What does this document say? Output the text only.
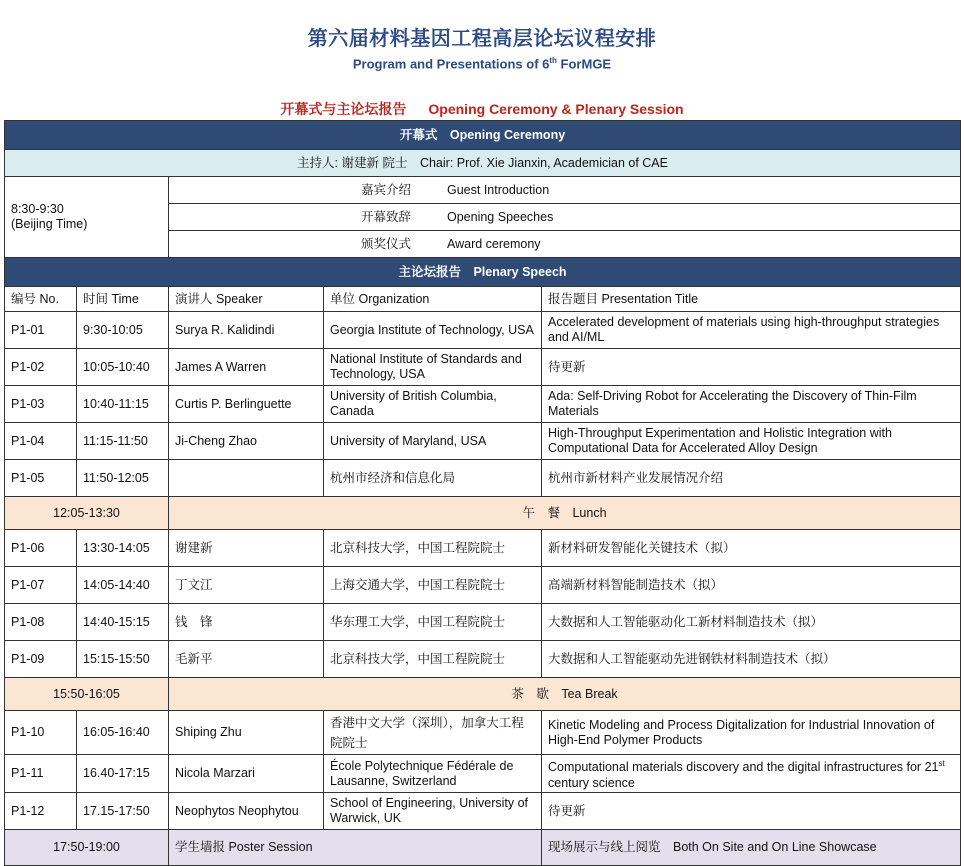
第六届材料基因工程高层论坛议程安排
Program and Presentations of 6th ForMGE
开幕式与主论坛报告 Opening Ceremony & Plenary Session
开幕式　Opening Ceremony				
主持人: 谢建新 院士　Chair: Prof. Xie Jianxin, Academician of CAE				

8:30-9:30
(Beijing Time)		嘉宾介绍 Guest Introduction		
		开幕致辞 Opening Speeches		
		颁奖仪式 Award ceremony		
主论坛报告　Plenary Speech				
编号 No.	时间 Time	演讲人 Speaker	单位 Organization	报告题目 Presentation Title
P1-01	9:30-10:05	Surya R. Kalidindi	Georgia Institute of Technology, USA	Accelerated development of materials using high-throughput strategies and AI/ML
P1-02	10:05-10:40	James A Warren	National Institute of Standards and Technology, USA	待更新
P1-03	10:40-11:15	Curtis P. Berlinguette	University of British Columbia, Canada	Ada: Self-Driving Robot for Accelerating the Discovery of Thin-Film Materials
P1-04	11:15-11:50	Ji-Cheng Zhao	University of Maryland, USA	High-Throughput Experimentation and Holistic Integration with Computational Data for Accelerated Alloy Design
P1-05	11:50-12:05		杭州市经济和信息化局	杭州市新材料产业发展情况介绍
12:05-13:30		午　餐　Lunch		
P1-06	13:30-14:05	谢建新	北京科技大学，中国工程院院士	新材料研发智能化关键技术（拟）
P1-07	14:05-14:40	丁文江	上海交通大学，中国工程院院士	高端新材料智能制造技术（拟）
P1-08	14:40-15:15	钱　锋	华东理工大学，中国工程院院士	大数据和人工智能驱动化工新材料制造技术（拟）
P1-09	15:15-15:50	毛新平	北京科技大学，中国工程院院士	大数据和人工智能驱动先进钢铁材料制造技术（拟）
15:50-16:05		茶　歇　Tea Break		
P1-10	16:05-16:40	Shiping Zhu	香港中文大学（深圳），加拿大工程院院士	Kinetic Modeling and Process Digitalization for Industrial Innovation of High-End Polymer Products
P1-11	16.40-17:15	Nicola Marzari	École Polytechnique Fédérale de Lausanne, Switzerland	Computational materials discovery and the digital infrastructures for 21st century science
P1-12	17.15-17:50	Neophytos Neophytou	School of Engineering, University of Warwick, UK	待更新
17:50-19:00		学生墙报 Poster Session		现场展示与线上阅览　Both On Site and On Line Showcase
